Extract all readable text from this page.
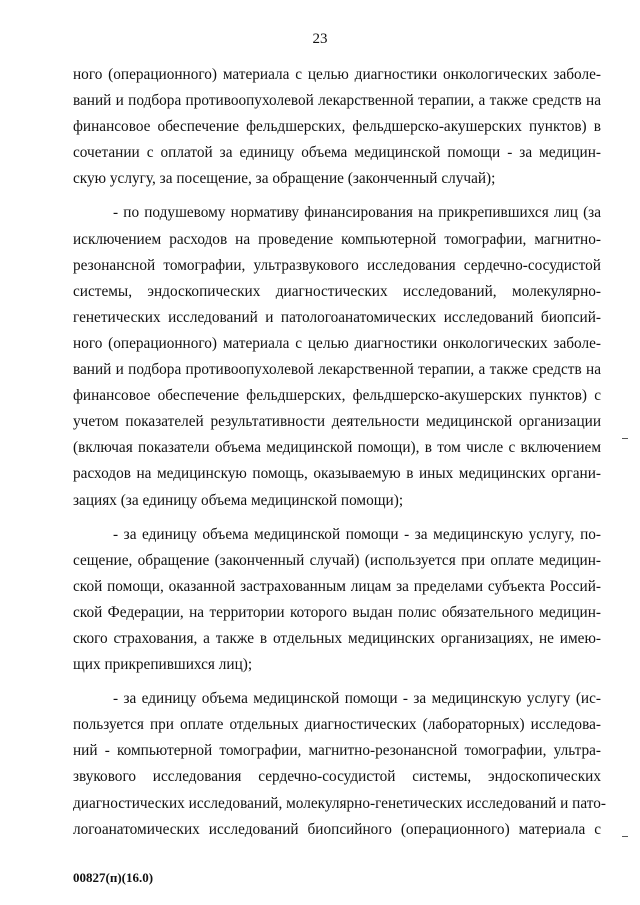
23
ного (операционного) материала с целью диагностики онкологических заболе-
ваний и подбора противоопухолевой лекарственной терапии, а также средств на
финансовое обеспечение фельдшерских, фельдшерско-акушерских пунктов) в
сочетании с оплатой за единицу объема медицинской помощи - за медицин-
скую услугу, за посещение, за обращение (законченный случай);
- по подушевому нормативу финансирования на прикрепившихся лиц (за
исключением расходов на проведение компьютерной томографии, магнитно-
резонансной томографии, ультразвукового исследования сердечно-сосудистой
системы, эндоскопических диагностических исследований, молекулярно-
генетических исследований и патологоанатомических исследований биопсий-
ного (операционного) материала с целью диагностики онкологических заболе-
ваний и подбора противоопухолевой лекарственной терапии, а также средств на
финансовое обеспечение фельдшерских, фельдшерско-акушерских пунктов) с
учетом показателей результативности деятельности медицинской организации
(включая показатели объема медицинской помощи), в том числе с включением
расходов на медицинскую помощь, оказываемую в иных медицинских органи-
зациях (за единицу объема медицинской помощи);
- за единицу объема медицинской помощи - за медицинскую услугу, по-
сещение, обращение (законченный случай) (используется при оплате медицин-
ской помощи, оказанной застрахованным лицам за пределами субъекта Россий-
ской Федерации, на территории которого выдан полис обязательного медицин-
ского страхования, а также в отдельных медицинских организациях, не имею-
щих прикрепившихся лиц);
- за единицу объема медицинской помощи - за медицинскую услугу (ис-
пользуется при оплате отдельных диагностических (лабораторных) исследова-
ний - компьютерной томографии, магнитно-резонансной томографии, ультра-
звукового исследования сердечно-сосудистой системы, эндоскопических
диагностических исследований, молекулярно-генетических исследований и пато-
логоанатомических исследований биопсийного (операционного) материала с
00827(п)(16.0)
